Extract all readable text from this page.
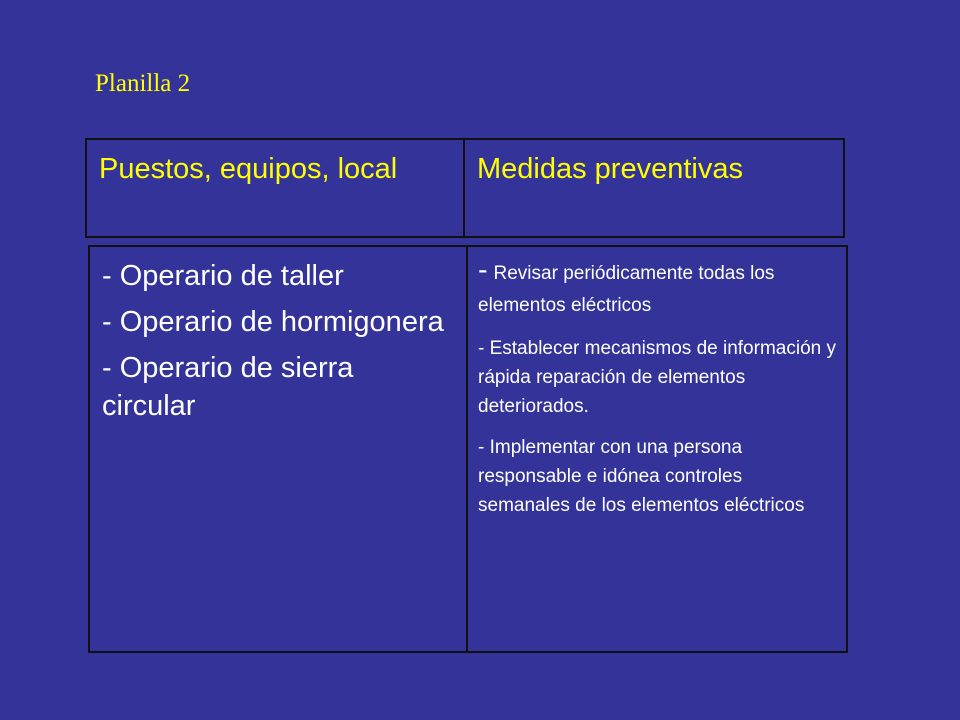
Planilla 2
Puestos, equipos, local	Medidas preventivas

- Operario de taller

- Operario de hormigonera

- Operario de sierra circular

- Revisar periódicamente todas los elementos eléctricos

- Establecer mecanismos de información y rápida reparación de elementos deteriorados.

- Implementar con una persona responsable e idónea controles semanales de los elementos eléctricos
